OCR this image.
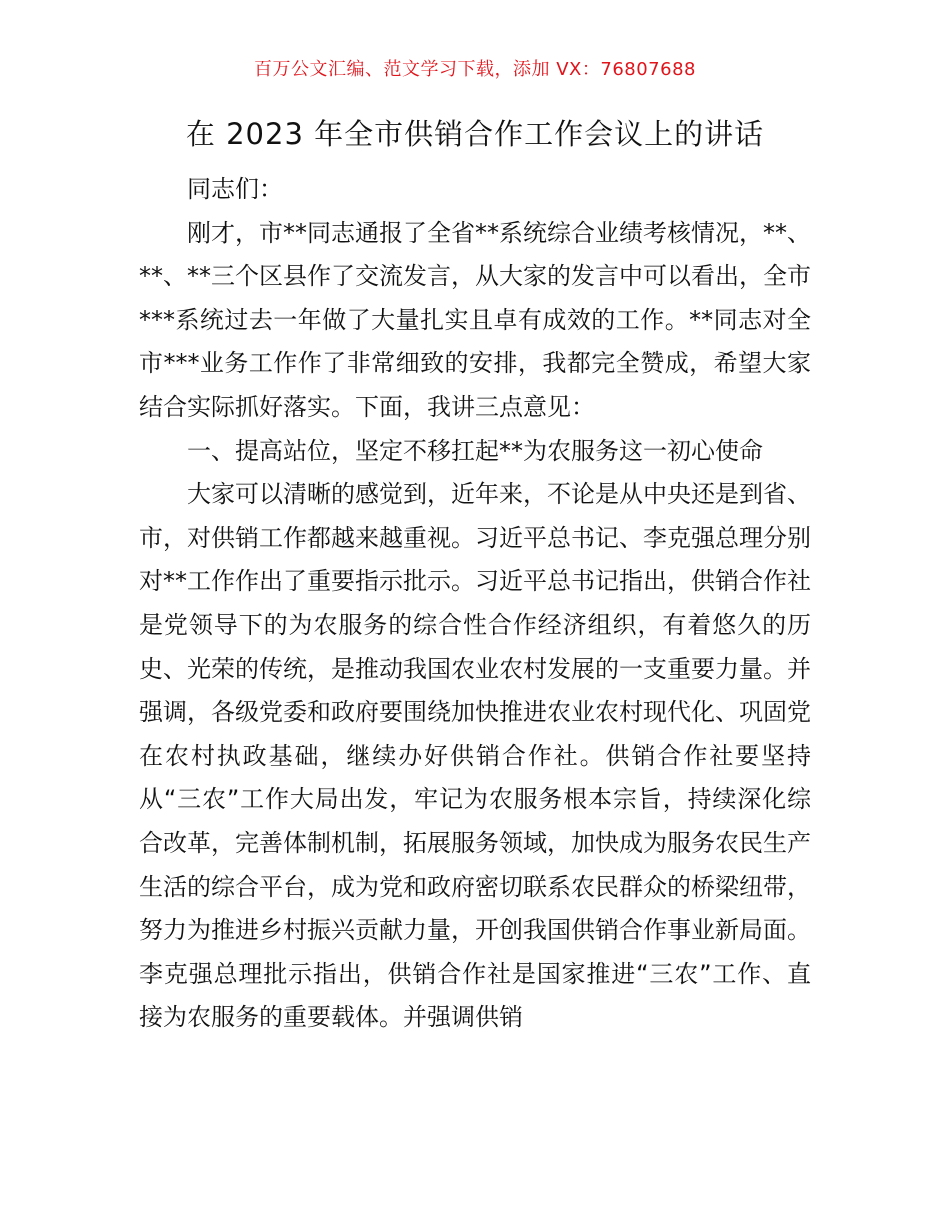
百万公文汇编、范文学习下载，添加 VX：76807688
在 2023 年全市供销合作工作会议上的讲话

同志们：

刚才，市**同志通报了全省**系统综合业绩考核情况，**、**、**三个区县作了交流发言，从大家的发言中可以看出，全市***系统过去一年做了大量扎实且卓有成效的工作。**同志对全市***业务工作作了非常细致的安排，我都完全赞成，希望大家结合实际抓好落实。下面，我讲三点意见：

一、提高站位，坚定不移扛起**为农服务这一初心使命

大家可以清晰的感觉到，近年来，不论是从中央还是到省、市，对供销工作都越来越重视。习近平总书记、李克强总理分别对**工作作出了重要指示批示。习近平总书记指出，供销合作社是党领导下的为农服务的综合性合作经济组织，有着悠久的历史、光荣的传统，是推动我国农业农村发展的一支重要力量。并强调，各级党委和政府要围绕加快推进农业农村现代化、巩固党在农村执政基础，继续办好供销合作社。供销合作社要坚持从“三农”工作大局出发，牢记为农服务根本宗旨，持续深化综合改革，完善体制机制，拓展服务领域，加快成为服务农民生产生活的综合平台，成为党和政府密切联系农民群众的桥梁纽带，努力为推进乡村振兴贡献力量，开创我国供销合作事业新局面。李克强总理批示指出，供销合作社是国家推进“三农”工作、直接为农服务的重要载体。并强调供销
